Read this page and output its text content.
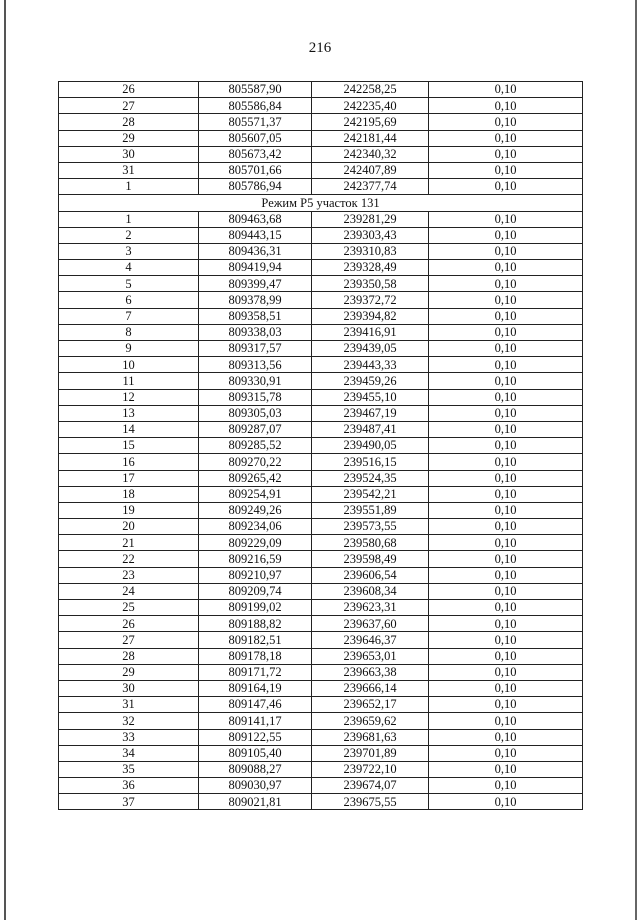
216
26	805587,90	242258,25	0,10
27	805586,84	242235,40	0,10
28	805571,37	242195,69	0,10
29	805607,05	242181,44	0,10
30	805673,42	242340,32	0,10
31	805701,66	242407,89	0,10
1	805786,94	242377,74	0,10
Режим Р5 участок 131			
1	809463,68	239281,29	0,10
2	809443,15	239303,43	0,10
3	809436,31	239310,83	0,10
4	809419,94	239328,49	0,10
5	809399,47	239350,58	0,10
6	809378,99	239372,72	0,10
7	809358,51	239394,82	0,10
8	809338,03	239416,91	0,10
9	809317,57	239439,05	0,10
10	809313,56	239443,33	0,10
11	809330,91	239459,26	0,10
12	809315,78	239455,10	0,10
13	809305,03	239467,19	0,10
14	809287,07	239487,41	0,10
15	809285,52	239490,05	0,10
16	809270,22	239516,15	0,10
17	809265,42	239524,35	0,10
18	809254,91	239542,21	0,10
19	809249,26	239551,89	0,10
20	809234,06	239573,55	0,10
21	809229,09	239580,68	0,10
22	809216,59	239598,49	0,10
23	809210,97	239606,54	0,10
24	809209,74	239608,34	0,10
25	809199,02	239623,31	0,10
26	809188,82	239637,60	0,10
27	809182,51	239646,37	0,10
28	809178,18	239653,01	0,10
29	809171,72	239663,38	0,10
30	809164,19	239666,14	0,10
31	809147,46	239652,17	0,10
32	809141,17	239659,62	0,10
33	809122,55	239681,63	0,10
34	809105,40	239701,89	0,10
35	809088,27	239722,10	0,10
36	809030,97	239674,07	0,10
37	809021,81	239675,55	0,10
